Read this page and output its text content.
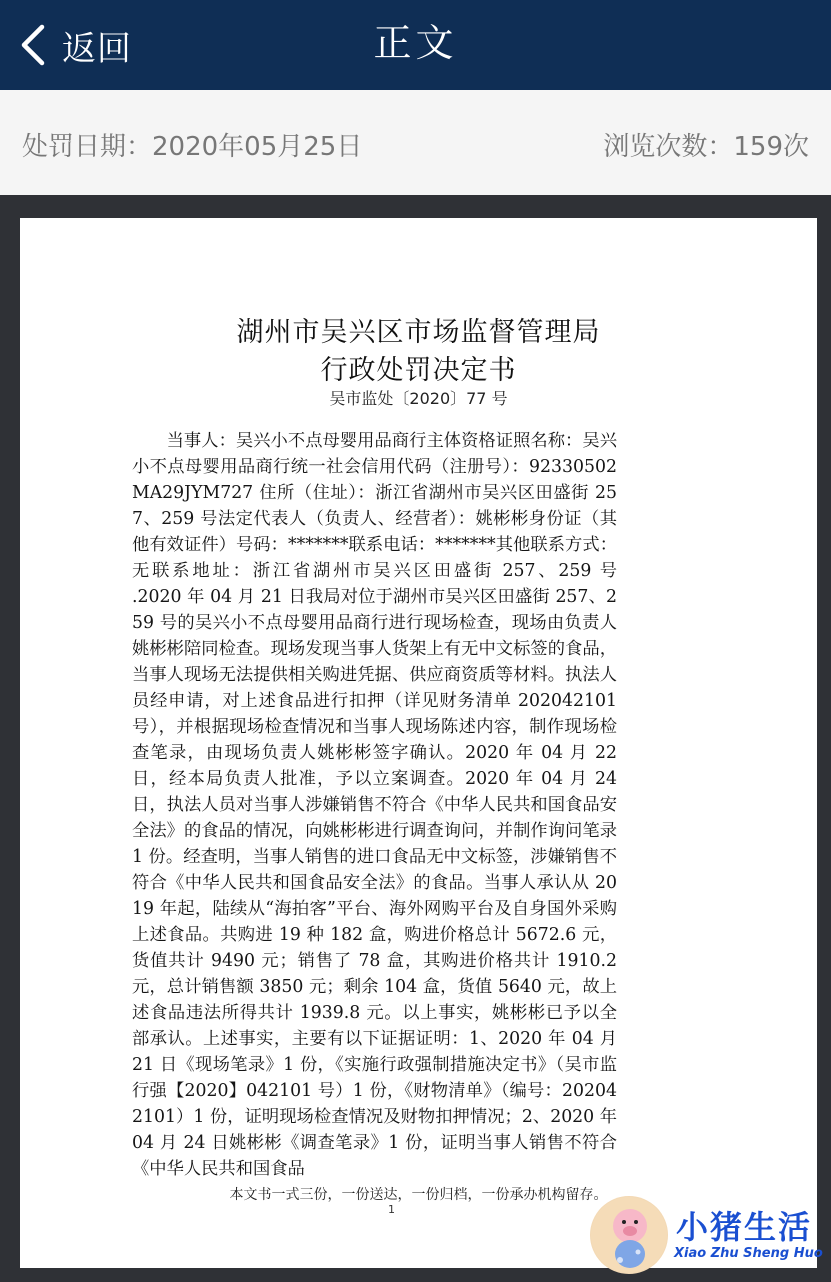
返回	正文
处罚日期：2020年05月25日	浏览次数：159次
湖州市吴兴区市场监督管理局
行政处罚决定书
吴市监处〔2020〕77 号
当事人：吴兴小不点母婴用品商行主体资格证照名称：吴兴小不点母婴用品商行统一社会信用代码（注册号）：92330502MA29JYM727 住所（住址）：浙江省湖州市吴兴区田盛街 257、259 号法定代表人（负责人、经营者）：姚彬彬身份证（其他有效证件）号码：*******联系电话：*******其他联系方式：无联系地址：浙江省湖州市吴兴区田盛街 257、259 号                    .2020 年 04 月 21 日我局对位于湖州市吴兴区田盛街 257、259 号的吴兴小不点母婴用品商行进行现场检查，现场由负责人姚彬彬陪同检查。现场发现当事人货架上有无中文标签的食品，当事人现场无法提供相关购进凭据、供应商资质等材料。执法人员经申请，对上述食品进行扣押（详见财务清单 202042101 号），并根据现场检查情况和当事人现场陈述内容，制作现场检查笔录，由现场负责人姚彬彬签字确认。2020 年 04 月 22 日，经本局负责人批准，予以立案调查。2020 年 04 月 24 日，执法人员对当事人涉嫌销售不符合《中华人民共和国食品安全法》的食品的情况，向姚彬彬进行调查询问，并制作询问笔录 1 份。经查明，当事人销售的进口食品无中文标签，涉嫌销售不符合《中华人民共和国食品安全法》的食品。当事人承认从 2019 年起，陆续从“海拍客”平台、海外网购平台及自身国外采购上述食品。共购进 19 种 182 盒，购进价格总计 5672.6 元，货值共计 9490 元；销售了 78 盒，其购进价格共计 1910.2 元，总计销售额 3850 元；剩余 104 盒，货值 5640 元，故上述食品违法所得共计 1939.8 元。以上事实，姚彬彬已予以全部承认。上述事实，主要有以下证据证明：1、2020 年 04 月 21 日《现场笔录》1 份，《实施行政强制措施决定书》（吴市监行强【2020】042101 号）1 份，《财物清单》（编号：202042101）1 份，证明现场检查情况及财物扣押情况；2、2020 年 04 月 24 日姚彬彬《调查笔录》1 份，证明当事人销售不符合《中华人民共和国食品
本文书一式三份，一份送达，一份归档，一份承办机构留存。
1	小猪生活
Xiao Zhu Sheng Huo
